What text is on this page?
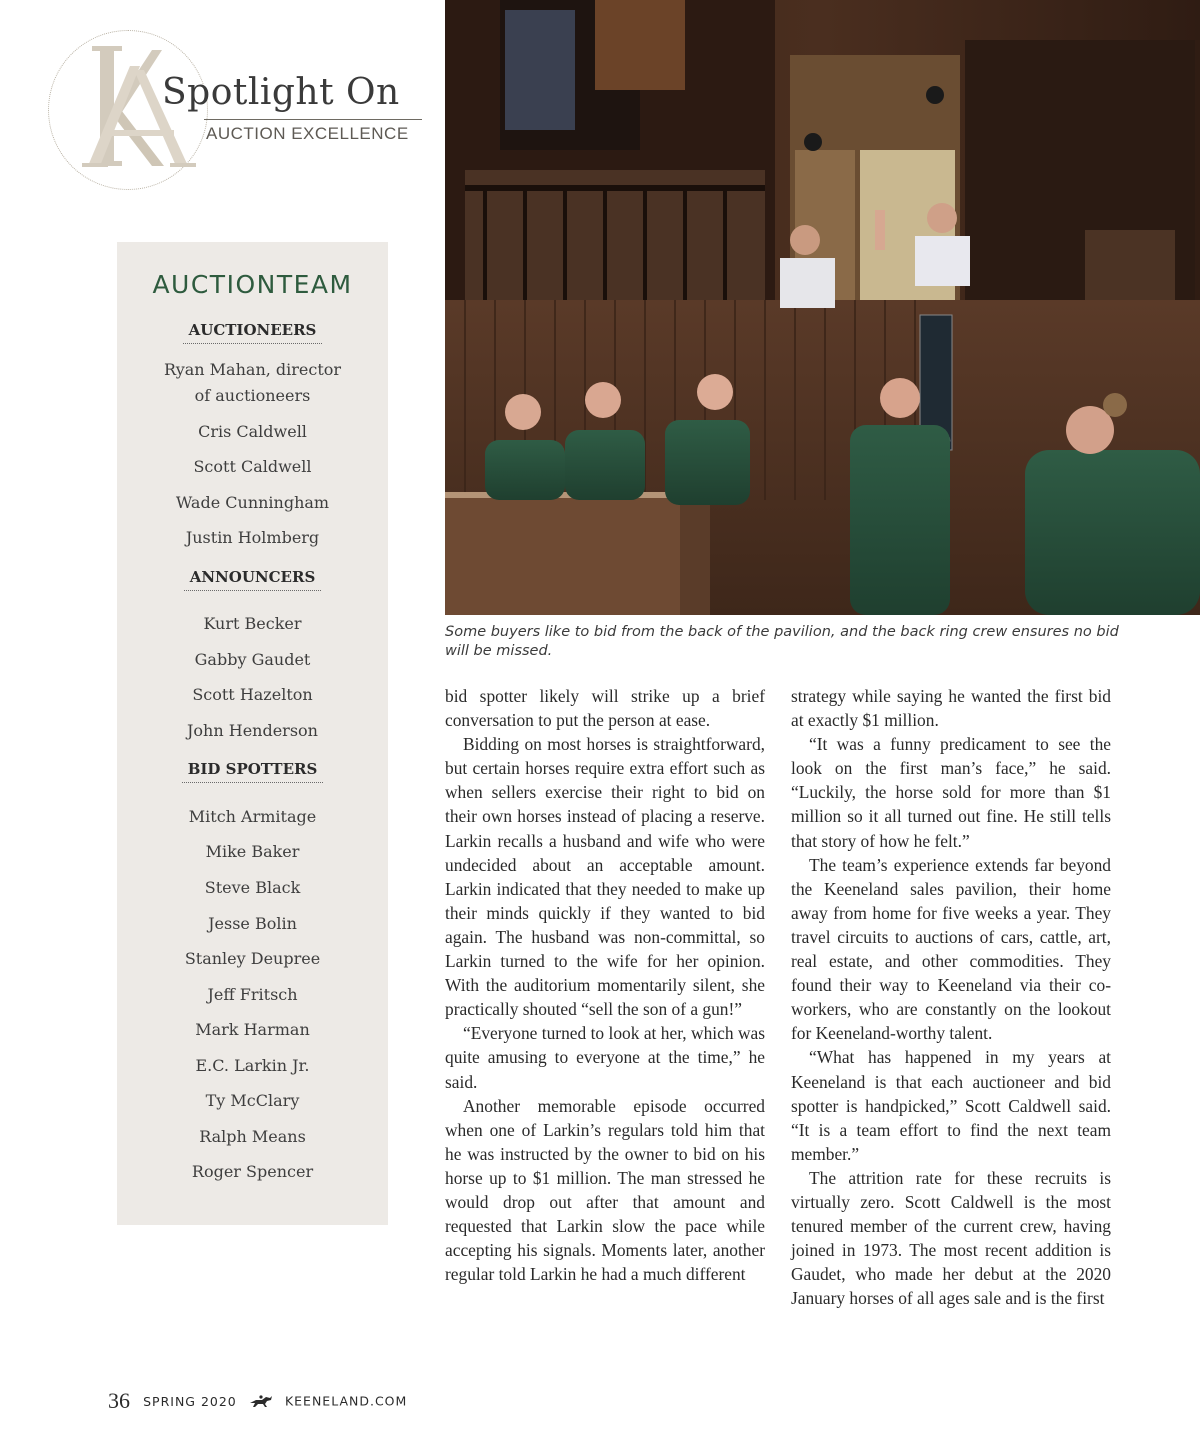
KA
Spotlight On
AUCTION EXCELLENCE
AUCTIONTEAM
AUCTIONEERS
Ryan Mahan, director
of auctioneers
Cris Caldwell
Scott Caldwell
Wade Cunningham
Justin Holmberg
ANNOUNCERS
Kurt Becker
Gabby Gaudet
Scott Hazelton
John Henderson
BID SPOTTERS
Mitch Armitage
Mike Baker
Steve Black
Jesse Bolin
Stanley Deupree
Jeff Fritsch
Mark Harman
E.C. Larkin Jr.
Ty McClary
Ralph Means
Roger Spencer
Some buyers like to bid from the back of the pavilion, and the back ring crew ensures no bid will be missed.

bid spotter likely will strike up a brief conversation to put the person at ease.

Bidding on most horses is straightforward, but certain horses require extra effort such as when sellers exercise their right to bid on their own horses instead of placing a reserve. Larkin recalls a husband and wife who were undecided about an acceptable amount. Larkin indicated that they needed to make up their minds quickly if they wanted to bid again. The husband was non-committal, so Larkin turned to the wife for her opinion. With the auditorium momentarily silent, she practically shouted “sell the son of a gun!”

“Everyone turned to look at her, which was quite amusing to everyone at the time,” he said.

Another memorable episode occurred when one of Larkin’s regulars told him that he was instructed by the owner to bid on his horse up to $1 million. The man stressed he would drop out after that amount and requested that Larkin slow the pace while accepting his signals. Moments later, another regular told Larkin he had a much different

strategy while saying he wanted the first bid at exactly $1 million.

“It was a funny predicament to see the look on the first man’s face,” he said. “Luckily, the horse sold for more than $1 million so it all turned out fine. He still tells that story of how he felt.”

The team’s experience extends far beyond the Keeneland sales pavilion, their home away from home for five weeks a year. They travel circuits to auctions of cars, cattle, art, real estate, and other commodities. They found their way to Keeneland via their co-workers, who are constantly on the lookout for Keeneland-worthy talent.

“What has happened in my years at Keeneland is that each auctioneer and bid spotter is handpicked,” Scott Caldwell said. “It is a team effort to find the next team member.”

The attrition rate for these recruits is virtually zero. Scott Caldwell is the most tenured member of the current crew, having joined in 1973. The most recent addition is Gaudet, who made her debut at the 2020 January horses of all ages sale and is the first

36 SPRING 2020	KEENELAND.COM
